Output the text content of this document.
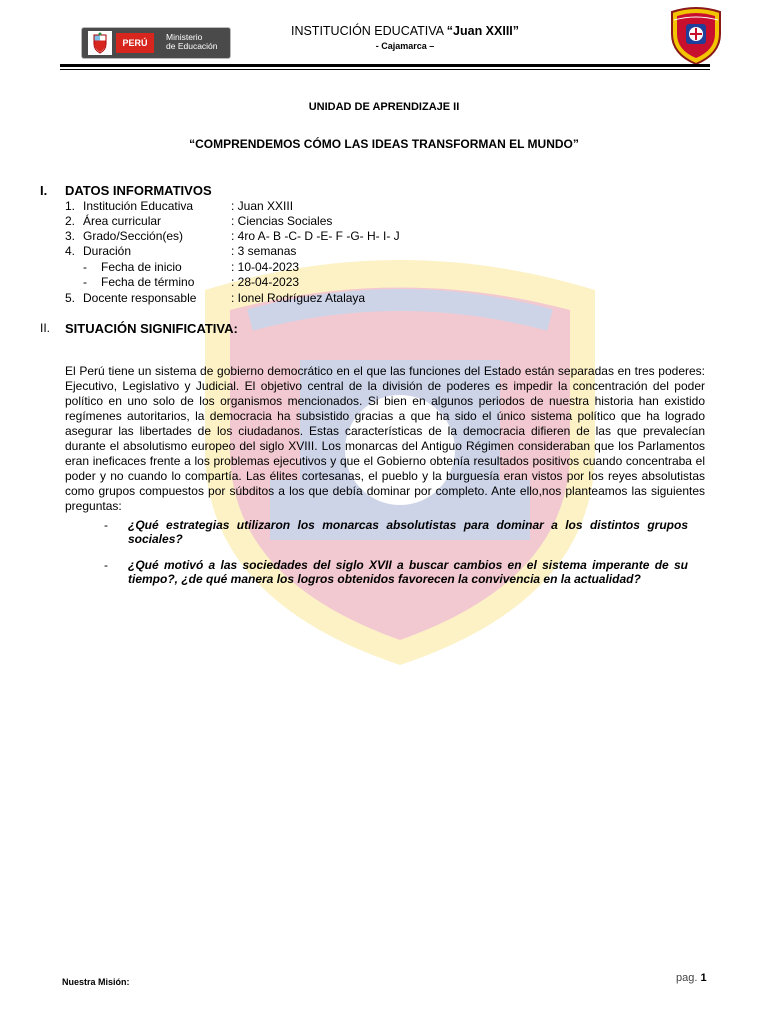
PERÚ
Ministerio
de Educación
INSTITUCIÓN EDUCATIVA “Juan XXIII”
- Cajamarca –
UNIDAD DE APRENDIZAJE II
“COMPRENDEMOS CÓMO LAS IDEAS TRANSFORMAN EL MUNDO”
I. DATOS INFORMATIVOS
1. Institución Educativa	: Juan XXIII
2. Área curricular	: Ciencias Sociales
3. Grado/Sección(es)	: 4ro A- B -C- D -E- F -G- H- I- J
4. Duración	: 3 semanas
- Fecha de inicio	: 10-04-2023
- Fecha de término	: 28-04-2023
5. Docente responsable	: Ionel Rodríguez Atalaya
II. SITUACIÓN SIGNIFICATIVA:
El Perú tiene un sistema de gobierno democrático en el que las funciones del Estado están separadas en tres poderes: Ejecutivo, Legislativo y Judicial. El objetivo central de la división de poderes es impedir la concentración del poder político en uno solo de los organismos mencionados. Si bien en algunos periodos de nuestra historia han existido regímenes autoritarios, la democracia ha subsistido gracias a que ha sido el único sistema político que ha logrado asegurar las libertades de los ciudadanos. Estas características de la democracia difieren de las que prevalecían durante el absolutismo europeo del siglo XVIII. Los monarcas del Antiguo Régimen consideraban que los Parlamentos eran ineficaces frente a los problemas ejecutivos y que el Gobierno obtenía resultados positivos cuando concentraba el poder y no cuando lo compartía. Las élites cortesanas, el pueblo y la burguesía eran vistos por los reyes absolutistas como grupos compuestos por súbditos a los que debía dominar por completo. Ante ello,nos planteamos las siguientes preguntas:
- ¿Qué estrategias utilizaron los monarcas absolutistas para dominar a los distintos grupos sociales?
- ¿Qué motivó a las sociedades del siglo XVII a buscar cambios en el sistema imperante de su tiempo?, ¿de qué manera los logros obtenidos favorecen la convivencia en la actualidad?
Nuestra Misión:	pag. 1
